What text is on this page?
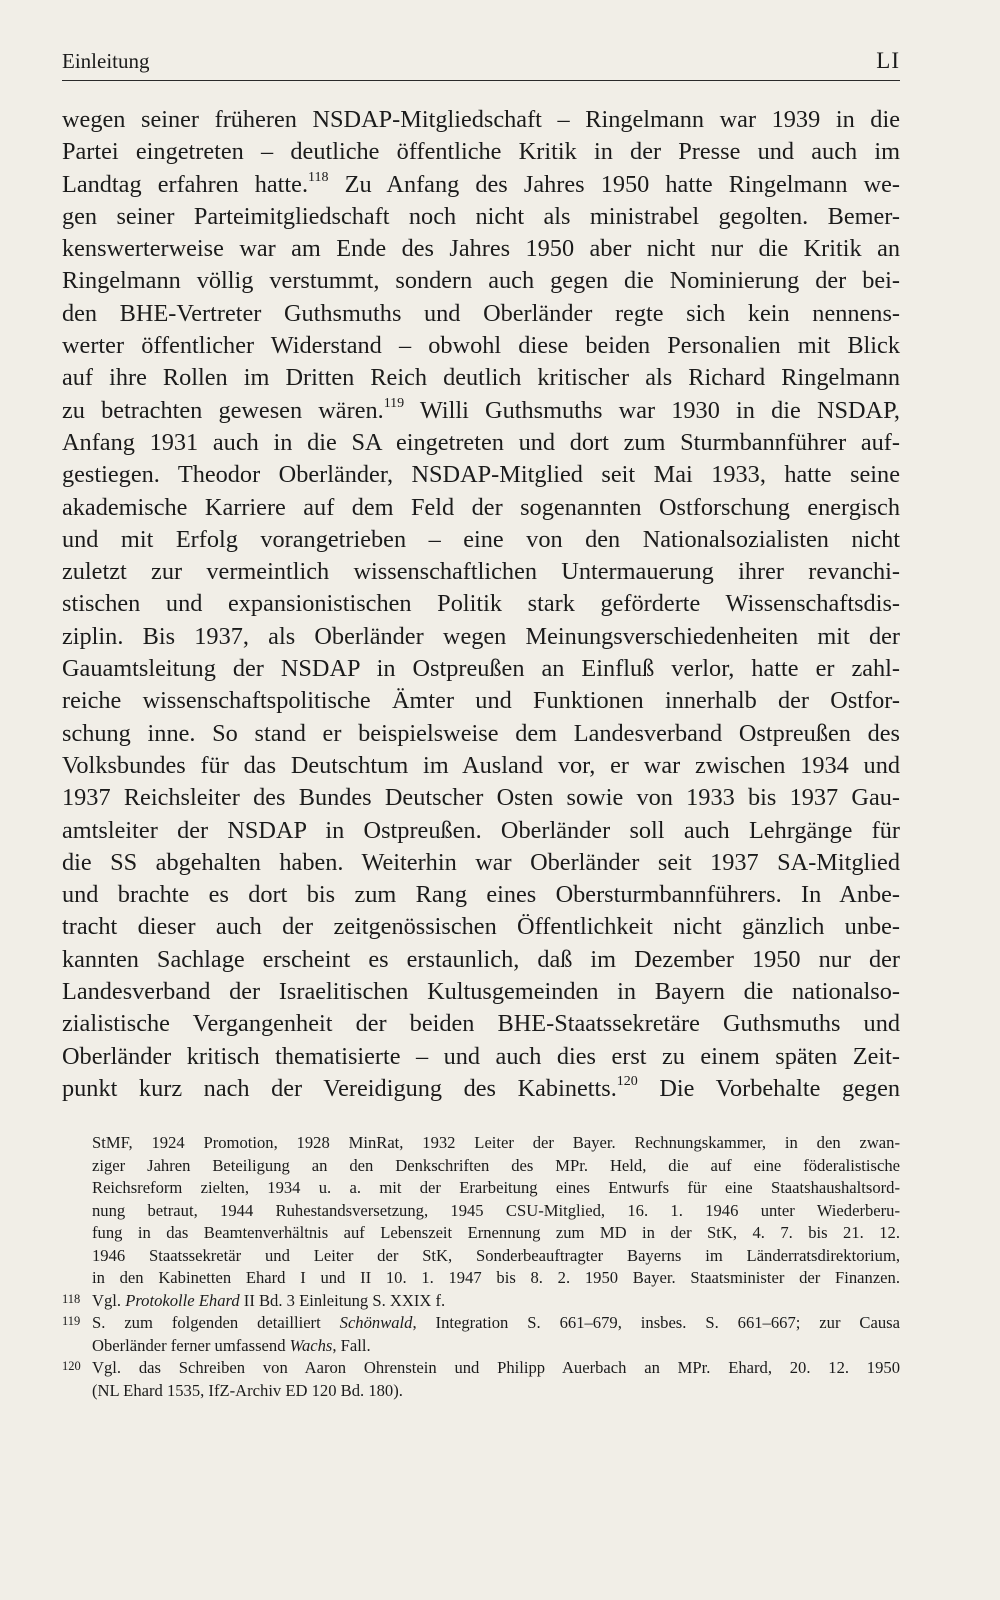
Einleitung	LI
wegen seiner früheren NSDAP-Mitgliedschaft – Ringelmann war 1939 in die
Partei eingetreten – deutliche öffentliche Kritik in der Presse und auch im
Landtag erfahren hatte.$^{118}$ Zu Anfang des Jahres 1950 hatte Ringelmann we-
gen seiner Parteimitgliedschaft noch nicht als ministrabel gegolten. Bemer-
kenswerterweise war am Ende des Jahres 1950 aber nicht nur die Kritik an
Ringelmann völlig verstummt, sondern auch gegen die Nominierung der bei-
den BHE-Vertreter Guthsmuths und Oberländer regte sich kein nennens-
werter öffentlicher Widerstand – obwohl diese beiden Personalien mit Blick
auf ihre Rollen im Dritten Reich deutlich kritischer als Richard Ringelmann
zu betrachten gewesen wären.$^{119}$ Willi Guthsmuths war 1930 in die NSDAP,
Anfang 1931 auch in die SA eingetreten und dort zum Sturmbannführer auf-
gestiegen. Theodor Oberländer, NSDAP-Mitglied seit Mai 1933, hatte seine
akademische Karriere auf dem Feld der sogenannten Ostforschung energisch
und mit Erfolg vorangetrieben – eine von den Nationalsozialisten nicht
zuletzt zur vermeintlich wissenschaftlichen Untermauerung ihrer revanchi-
stischen und expansionistischen Politik stark geförderte Wissenschaftsdis-
ziplin. Bis 1937, als Oberländer wegen Meinungsverschiedenheiten mit der
Gauamtsleitung der NSDAP in Ostpreußen an Einfluß verlor, hatte er zahl-
reiche wissenschaftspolitische Ämter und Funktionen innerhalb der Ostfor-
schung inne. So stand er beispielsweise dem Landesverband Ostpreußen des
Volksbundes für das Deutschtum im Ausland vor, er war zwischen 1934 und
1937 Reichsleiter des Bundes Deutscher Osten sowie von 1933 bis 1937 Gau-
amtsleiter der NSDAP in Ostpreußen. Oberländer soll auch Lehrgänge für
die SS abgehalten haben. Weiterhin war Oberländer seit 1937 SA-Mitglied
und brachte es dort bis zum Rang eines Obersturmbannführers. In Anbe-
tracht dieser auch der zeitgenössischen Öffentlichkeit nicht gänzlich unbe-
kannten Sachlage erscheint es erstaunlich, daß im Dezember 1950 nur der
Landesverband der Israelitischen Kultusgemeinden in Bayern die nationalso-
zialistische Vergangenheit der beiden BHE-Staatssekretäre Guthsmuths und
Oberländer kritisch thematisierte – und auch dies erst zu einem späten Zeit-
punkt kurz nach der Vereidigung des Kabinetts.$^{120}$ Die Vorbehalte gegen
StMF, 1924 Promotion, 1928 MinRat, 1932 Leiter der Bayer. Rechnungskammer, in den zwan-
ziger Jahren Beteiligung an den Denkschriften des MPr. Held, die auf eine föderalistische
Reichsreform zielten, 1934 u. a. mit der Erarbeitung eines Entwurfs für eine Staatshaushaltsord-
nung betraut, 1944 Ruhestandsversetzung, 1945 CSU-Mitglied, 16. 1. 1946 unter Wiederberu-
fung in das Beamtenverhältnis auf Lebenszeit Ernennung zum MD in der StK, 4. 7. bis 21. 12.
1946 Staatssekretär und Leiter der StK, Sonderbeauftragter Bayerns im Länderratsdirektorium,
in den Kabinetten Ehard I und II 10. 1. 1947 bis 8. 2. 1950 Bayer. Staatsminister der Finanzen.
118 Vgl. Protokolle Ehard II Bd. 3 Einleitung S. XXIX f.
119 S. zum folgenden detailliert Schönwald, Integration S. 661–679, insbes. S. 661–667; zur Causa
Oberländer ferner umfassend Wachs, Fall.
120 Vgl. das Schreiben von Aaron Ohrenstein und Philipp Auerbach an MPr. Ehard, 20. 12. 1950
(NL Ehard 1535, IfZ-Archiv ED 120 Bd. 180).
